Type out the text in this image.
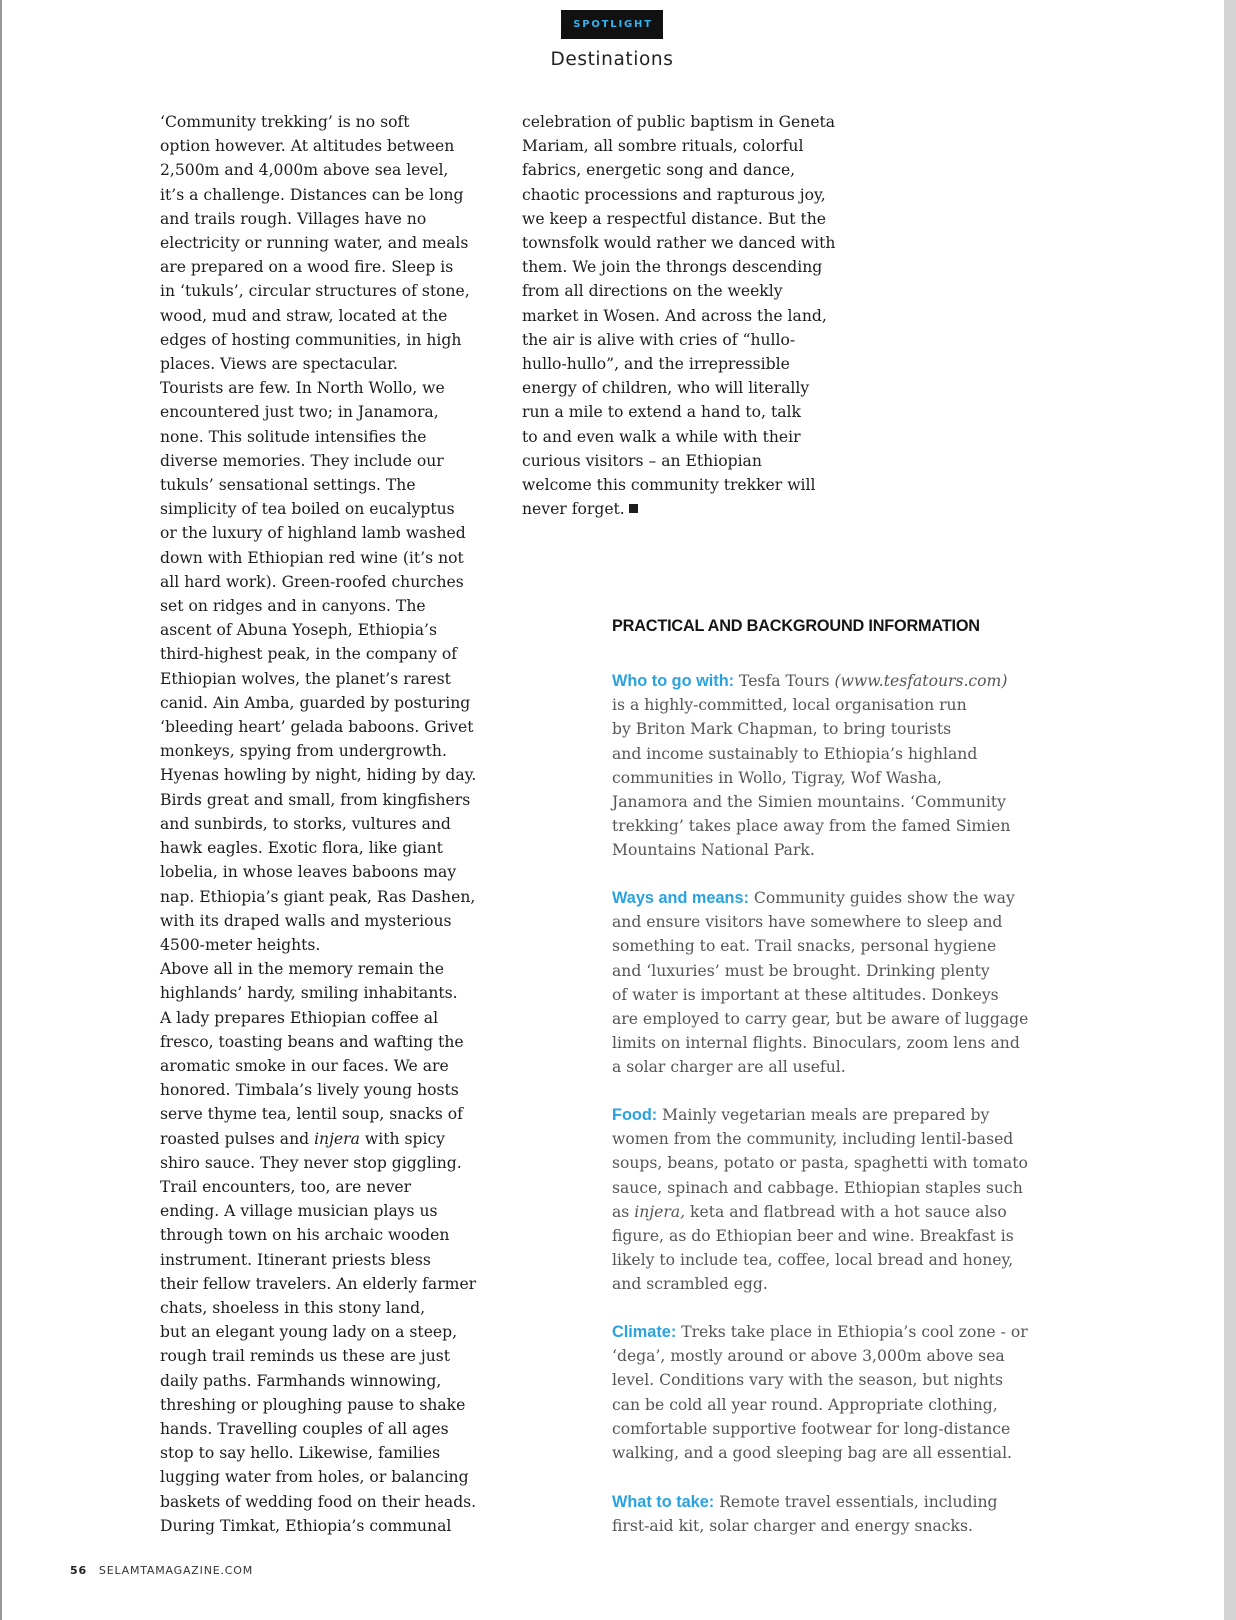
SPOTLIGHT
Destinations

‘Community trekking’ is no soft

option however. At altitudes between

2,500m and 4,000m above sea level,

it’s a challenge. Distances can be long

and trails rough. Villages have no

electricity or running water, and meals

are prepared on a wood fire. Sleep is

in ‘tukuls’, circular structures of stone,

wood, mud and straw, located at the

edges of hosting communities, in high

places. Views are spectacular.

Tourists are few. In North Wollo, we

encountered just two; in Janamora,

none. This solitude intensifies the

diverse memories. They include our

tukuls’ sensational settings. The

simplicity of tea boiled on eucalyptus

or the luxury of highland lamb washed

down with Ethiopian red wine (it’s not

all hard work). Green-roofed churches

set on ridges and in canyons. The

ascent of Abuna Yoseph, Ethiopia’s

third-highest peak, in the company of

Ethiopian wolves, the planet’s rarest

canid. Ain Amba, guarded by posturing

‘bleeding heart’ gelada baboons. Grivet

monkeys, spying from undergrowth.

Hyenas howling by night, hiding by day.

Birds great and small, from kingfishers

and sunbirds, to storks, vultures and

hawk eagles. Exotic flora, like giant

lobelia, in whose leaves baboons may

nap. Ethiopia’s giant peak, Ras Dashen,

with its draped walls and mysterious

4500-meter heights.

Above all in the memory remain the

highlands’ hardy, smiling inhabitants.

A lady prepares Ethiopian coffee al

fresco, toasting beans and wafting the

aromatic smoke in our faces. We are

honored. Timbala’s lively young hosts

serve thyme tea, lentil soup, snacks of

roasted pulses and injera with spicy

shiro sauce. They never stop giggling.

Trail encounters, too, are never

ending. A village musician plays us

through town on his archaic wooden

instrument. Itinerant priests bless

their fellow travelers. An elderly farmer

chats, shoeless in this stony land,

but an elegant young lady on a steep,

rough trail reminds us these are just

daily paths. Farmhands winnowing,

threshing or ploughing pause to shake

hands. Travelling couples of all ages

stop to say hello. Likewise, families

lugging water from holes, or balancing

baskets of wedding food on their heads.

During Timkat, Ethiopia’s communal

celebration of public baptism in Geneta

Mariam, all sombre rituals, colorful

fabrics, energetic song and dance,

chaotic processions and rapturous joy,

we keep a respectful distance. But the

townsfolk would rather we danced with

them. We join the throngs descending

from all directions on the weekly

market in Wosen. And across the land,

the air is alive with cries of “hullo-

hullo-hullo”, and the irrepressible

energy of children, who will literally

run a mile to extend a hand to, talk

to and even walk a while with their

curious visitors – an Ethiopian

welcome this community trekker will

never forget.

PRACTICAL AND BACKGROUND INFORMATION

Who to go with: Tesfa Tours (www.tesfatours.com)

is a highly-committed, local organisation run

by Briton Mark Chapman, to bring tourists

and income sustainably to Ethiopia’s highland

communities in Wollo, Tigray, Wof Washa,

Janamora and the Simien mountains. ‘Community

trekking’ takes place away from the famed Simien

Mountains National Park.

Ways and means: Community guides show the way

and ensure visitors have somewhere to sleep and

something to eat. Trail snacks, personal hygiene

and ‘luxuries’ must be brought. Drinking plenty

of water is important at these altitudes. Donkeys

are employed to carry gear, but be aware of luggage

limits on internal flights. Binoculars, zoom lens and

a solar charger are all useful.

Food: Mainly vegetarian meals are prepared by

women from the community, including lentil-based

soups, beans, potato or pasta, spaghetti with tomato

sauce, spinach and cabbage. Ethiopian staples such

as injera, keta and flatbread with a hot sauce also

figure, as do Ethiopian beer and wine. Breakfast is

likely to include tea, coffee, local bread and honey,

and scrambled egg.

Climate: Treks take place in Ethiopia’s cool zone - or

‘dega’, mostly around or above 3,000m above sea

level. Conditions vary with the season, but nights

can be cold all year round. Appropriate clothing,

comfortable supportive footwear for long-distance

walking, and a good sleeping bag are all essential.

What to take: Remote travel essentials, including

first-aid kit, solar charger and energy snacks.

56 SELAMTAMAGAZINE.COM
